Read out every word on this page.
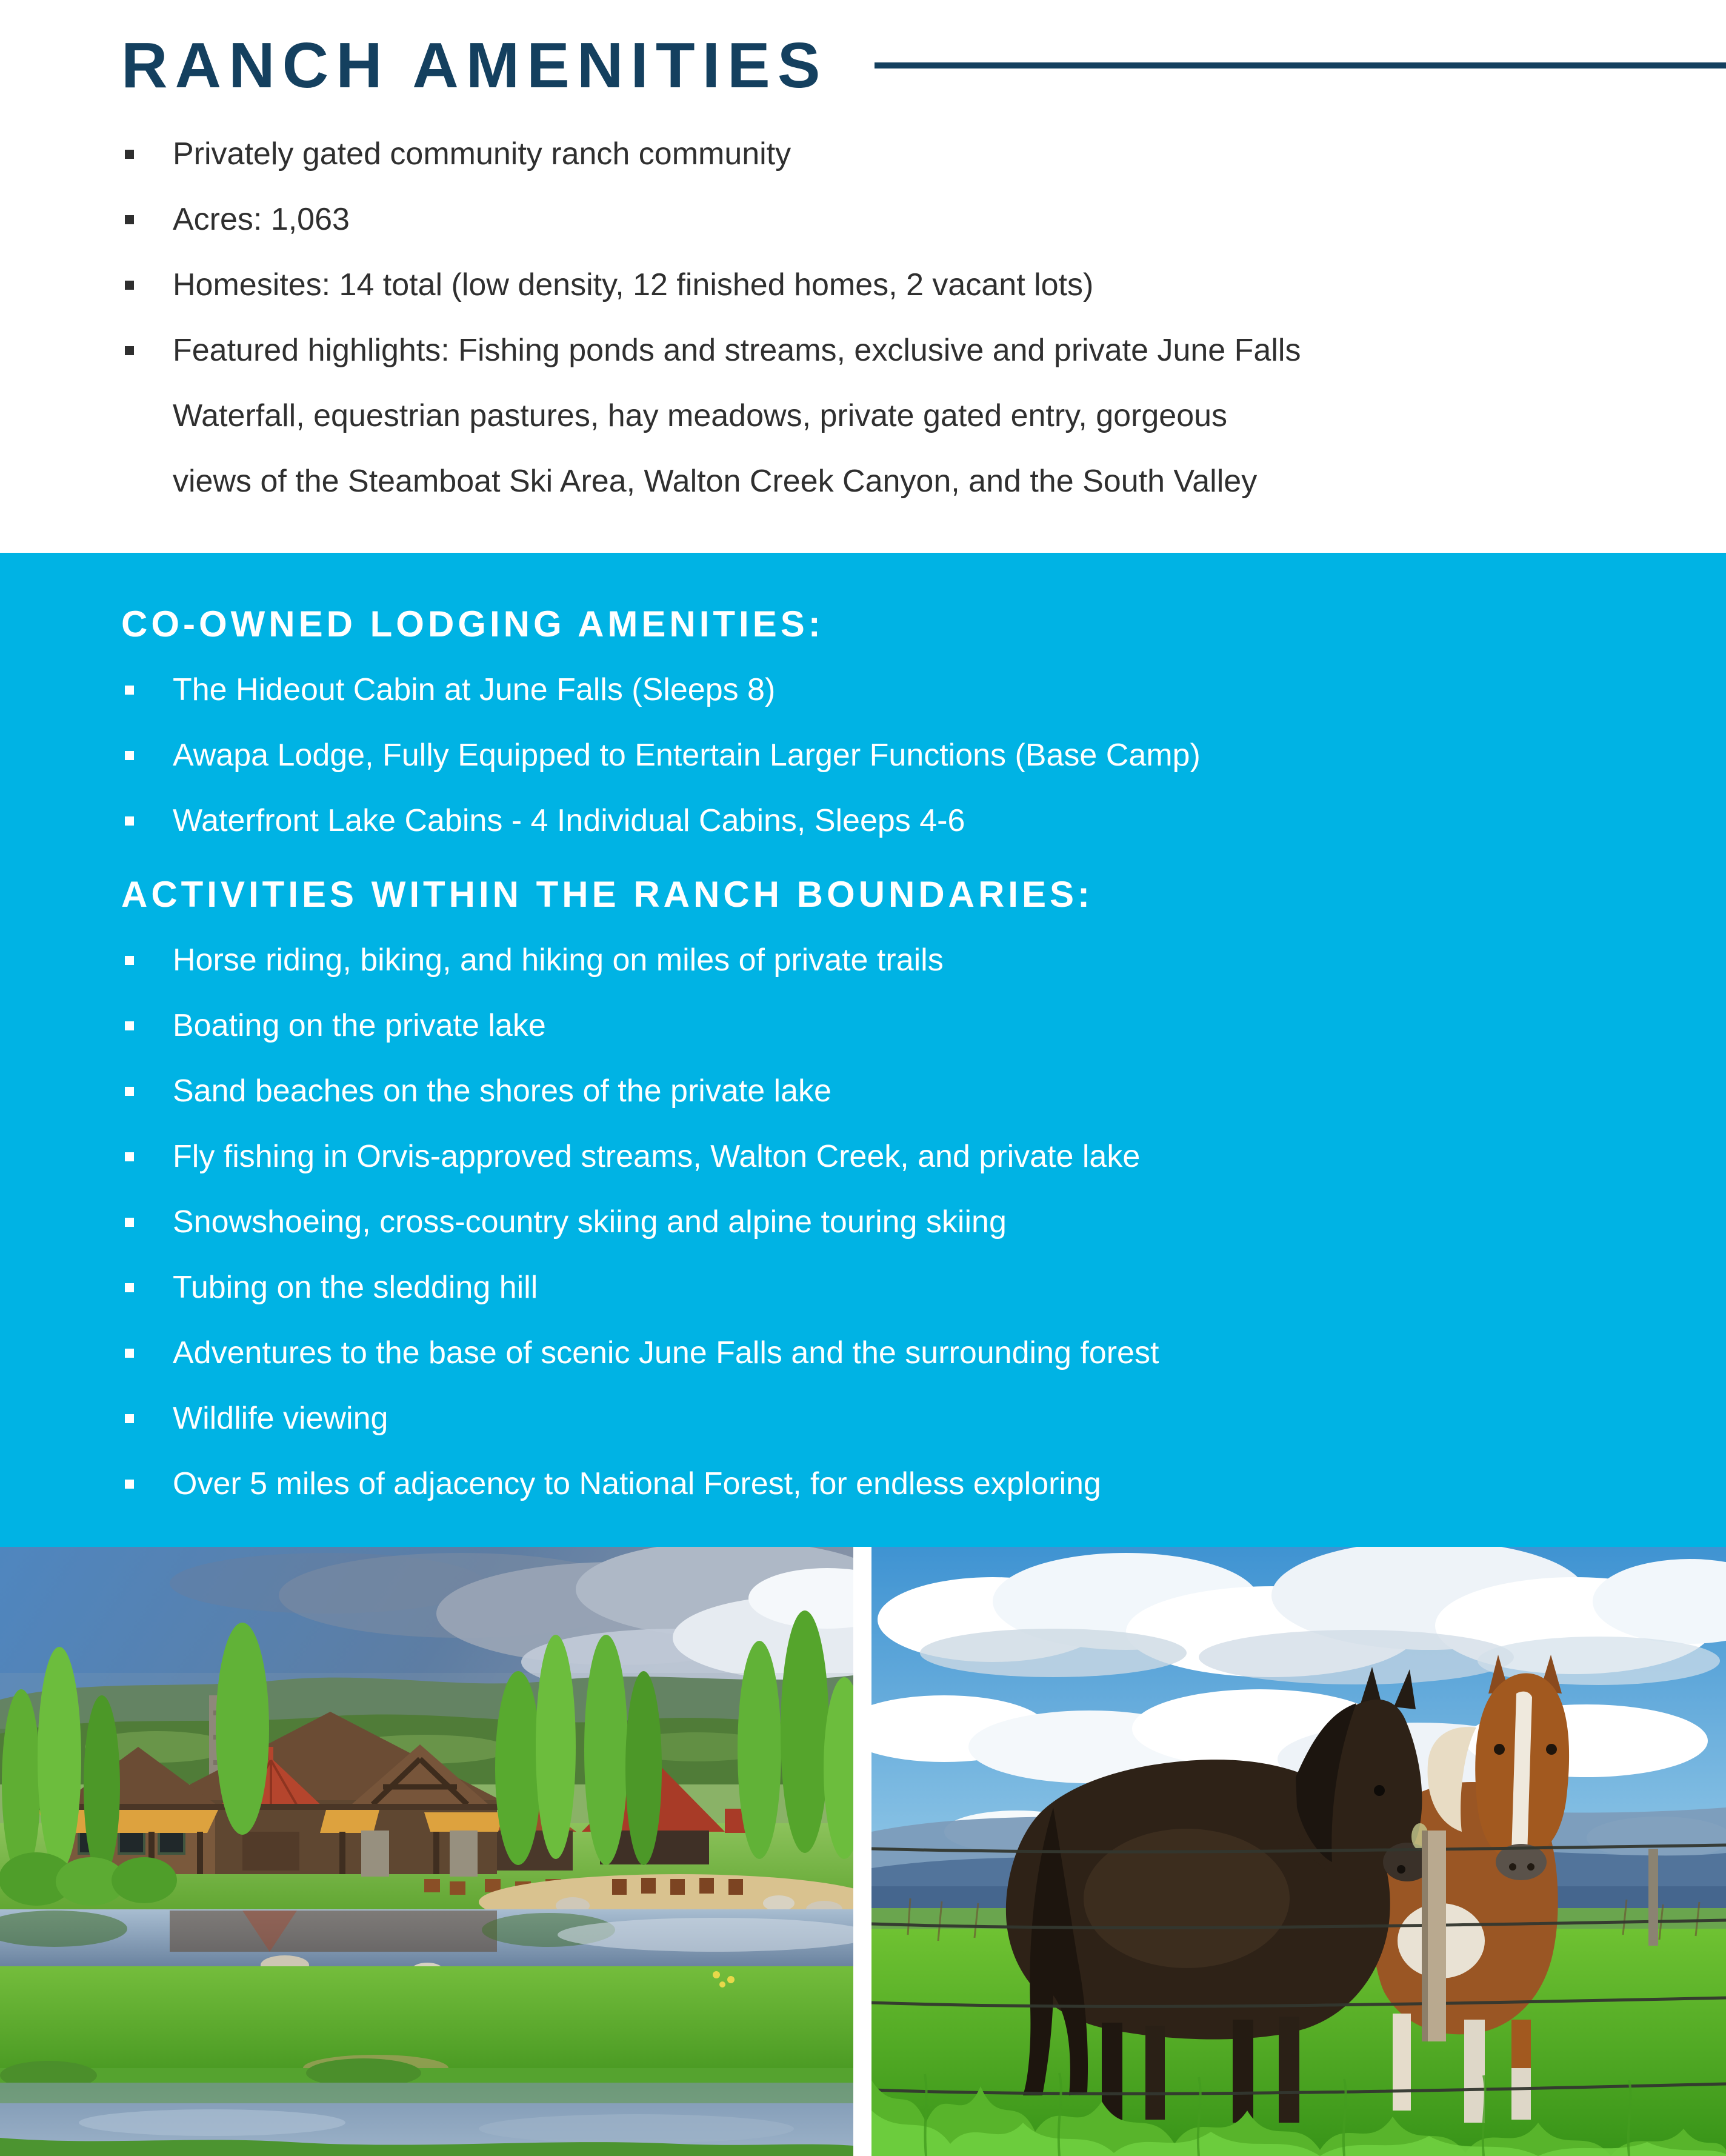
RANCH AMENITIES
Privately gated community ranch community
Acres: 1,063
Homesites: 14 total (low density, 12 finished homes, 2 vacant lots)
Featured highlights: Fishing ponds and streams, exclusive and private June Falls
Waterfall, equestrian pastures, hay meadows, private gated entry, gorgeous
views of the Steamboat Ski Area, Walton Creek Canyon, and the South Valley
CO-OWNED LODGING AMENITIES:
The Hideout Cabin at June Falls (Sleeps 8)
Awapa Lodge, Fully Equipped to Entertain Larger Functions (Base Camp)
Waterfront Lake Cabins - 4 Individual Cabins, Sleeps 4-6
ACTIVITIES WITHIN THE RANCH BOUNDARIES:
Horse riding, biking, and hiking on miles of private trails
Boating on the private lake
Sand beaches on the shores of the private lake
Fly fishing in Orvis-approved streams, Walton Creek, and private lake
Snowshoeing, cross-country skiing and alpine touring skiing
Tubing on the sledding hill
Adventures to the base of scenic June Falls and the surrounding forest
Wildlife viewing
Over 5 miles of adjacency to National Forest, for endless exploring
